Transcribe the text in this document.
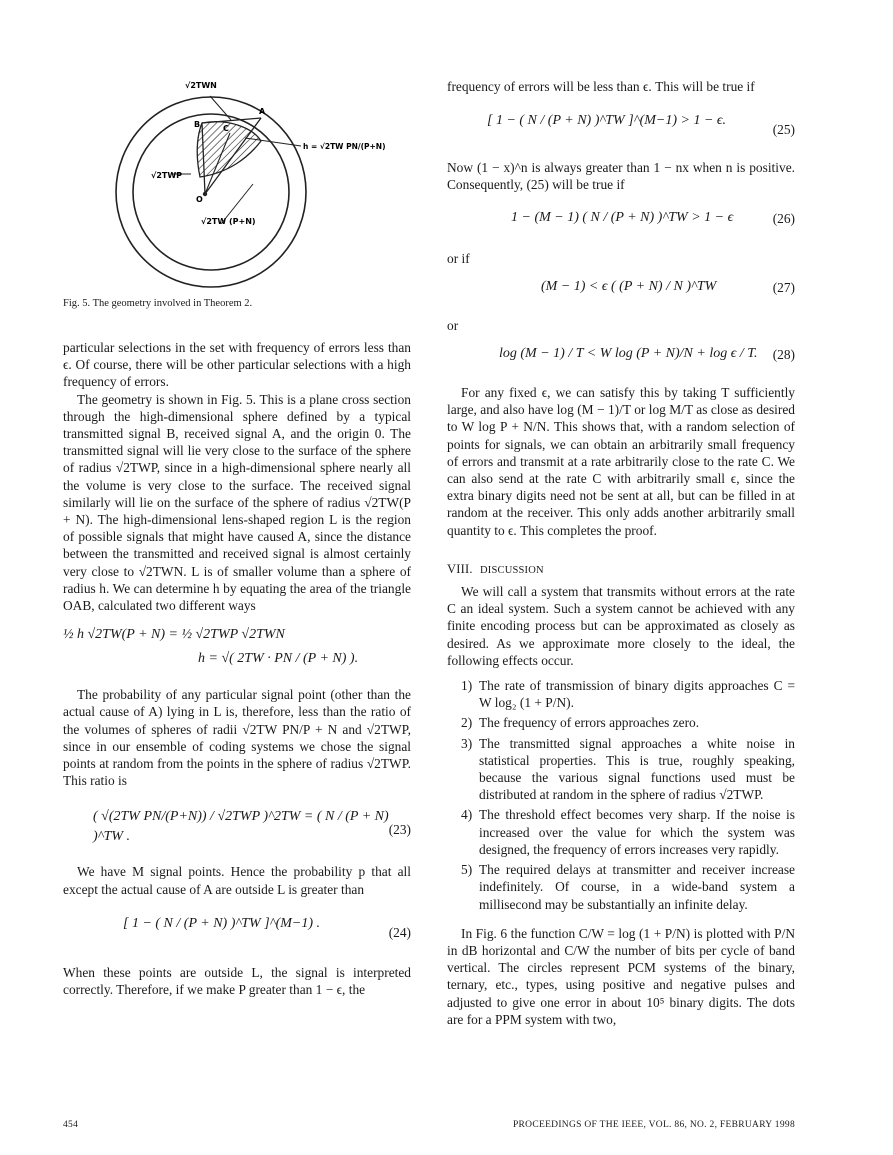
√2TWN
A
B	C
h = √2TW PN/(P+N)
√2TWP
O
√2TW (P+N)
Fig. 5. The geometry involved in Theorem 2.

particular selections in the set with frequency of errors less than ϵ. Of course, there will be other particular selections with a high frequency of errors.

The geometry is shown in Fig. 5. This is a plane cross section through the high-dimensional sphere defined by a typical transmitted signal B, received signal A, and the origin 0. The transmitted signal will lie very close to the surface of the sphere of radius √2TWP, since in a high-dimensional sphere nearly all the volume is very close to the surface. The received signal similarly will lie on the surface of the sphere of radius √2TW(P + N). The high-dimensional lens-shaped region L is the region of possible signals that might have caused A, since the distance between the transmitted and received signal is almost certainly very close to √2TWN. L is of smaller volume than a sphere of radius h. We can determine h by equating the area of the triangle OAB, calculated two different ways

½ h √2TW(P + N) = ½ √2TWP √2TWN
h = √( 2TW · PN / (P + N) ).

The probability of any particular signal point (other than the actual cause of A) lying in L is, therefore, less than the ratio of the volumes of spheres of radii √2TW PN/P + N and √2TWP, since in our ensemble of coding systems we chose the signal points at random from the points in the sphere of radius √2TWP. This ratio is

( √(2TW PN/(P+N)) / √2TWP )^2TW = ( N / (P + N) )^TW .	(23)

We have M signal points. Hence the probability p that all except the actual cause of A are outside L is greater than

[ 1 − ( N / (P + N) )^TW ]^(M−1) .
(24)

When these points are outside L, the signal is interpreted correctly. Therefore, if we make P greater than 1 − ϵ, the

frequency of errors will be less than ϵ. This will be true if

[ 1 − ( N / (P + N) )^TW ]^(M−1) > 1 − ϵ.
(25)

Now (1 − x)^n is always greater than 1 − nx when n is positive. Consequently, (25) will be true if

1 − (M − 1) ( N / (P + N) )^TW > 1 − ϵ	(26)

or if

(M − 1) < ϵ ( (P + N) / N )^TW	(27)

or

log (M − 1) / T < W log (P + N)/N + log ϵ / T.	(28)

For any fixed ϵ, we can satisfy this by taking T sufficiently large, and also have log (M − 1)/T or log M/T as close as desired to W log P + N/N. This shows that, with a random selection of points for signals, we can obtain an arbitrarily small frequency of errors and transmit at a rate arbitrarily close to the rate C. We can also send at the rate C with arbitrarily small ϵ, since the extra binary digits need not be sent at all, but can be filled in at random at the receiver. This only adds another arbitrarily small quantity to ϵ. This completes the proof.

VIII. DISCUSSION

We will call a system that transmits without errors at the rate C an ideal system. Such a system cannot be achieved with any finite encoding process but can be approximated as closely as desired. As we approximate more closely to the ideal, the following effects occur.

1) The rate of transmission of binary digits approaches C = W log₂ (1 + P/N).
2) The frequency of errors approaches zero.
3) The transmitted signal approaches a white noise in statistical properties. This is true, roughly speaking, because the various signal functions used must be distributed at random in the sphere of radius √2TWP.
4) The threshold effect becomes very sharp. If the noise is increased over the value for which the system was designed, the frequency of errors increases very rapidly.
5) The required delays at transmitter and receiver increase indefinitely. Of course, in a wide-band system a millisecond may be substantially an infinite delay.

In Fig. 6 the function C/W = log (1 + P/N) is plotted with P/N in dB horizontal and C/W the number of bits per cycle of band vertical. The circles represent PCM systems of the binary, ternary, etc., types, using positive and negative pulses and adjusted to give one error in about 10⁵ binary digits. The dots are for a PPM system with two,

454	PROCEEDINGS OF THE IEEE, VOL. 86, NO. 2, FEBRUARY 1998
